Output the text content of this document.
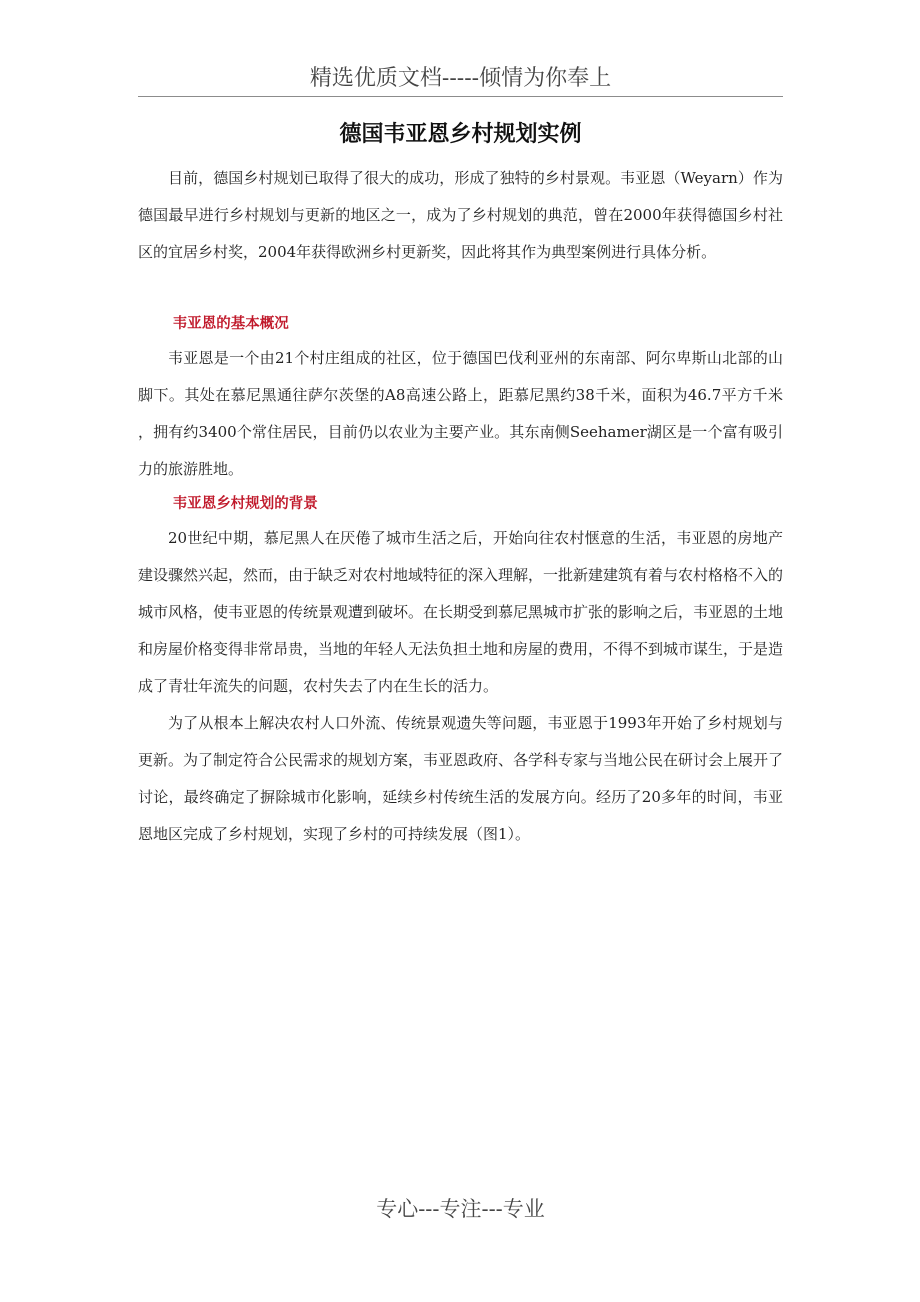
精选优质文档-----倾情为你奉上
德国韦亚恩乡村规划实例

目前，德国乡村规划已取得了很大的成功，形成了独特的乡村景观。韦亚恩（Weyarn）作为德国最早进行乡村规划与更新的地区之一，成为了乡村规划的典范，曾在2000年获得德国乡村社区的宜居乡村奖，2004年获得欧洲乡村更新奖，因此将其作为典型案例进行具体分析。

韦亚恩的基本概况

韦亚恩是一个由21个村庄组成的社区，位于德国巴伐利亚州的东南部、阿尔卑斯山北部的山脚下。其处在慕尼黑通往萨尔茨堡的A8高速公路上，距慕尼黑约38千米，面积为46.7平方千米 ，拥有约3400个常住居民，目前仍以农业为主要产业。其东南侧Seehamer湖区是一个富有吸引力的旅游胜地。

韦亚恩乡村规划的背景

20世纪中期，慕尼黑人在厌倦了城市生活之后，开始向往农村惬意的生活，韦亚恩的房地产建设骤然兴起，然而，由于缺乏对农村地域特征的深入理解，一批新建建筑有着与农村格格不入的城市风格，使韦亚恩的传统景观遭到破坏。在长期受到慕尼黑城市扩张的影响之后，韦亚恩的土地和房屋价格变得非常昂贵，当地的年轻人无法负担土地和房屋的费用，不得不到城市谋生，于是造成了青壮年流失的问题，农村失去了内在生长的活力。

为了从根本上解决农村人口外流、传统景观遗失等问题，韦亚恩于1993年开始了乡村规划与更新。为了制定符合公民需求的规划方案，韦亚恩政府、各学科专家与当地公民在研讨会上展开了讨论，最终确定了摒除城市化影响，延续乡村传统生活的发展方向。经历了20多年的时间，韦亚恩地区完成了乡村规划，实现了乡村的可持续发展（图1）。

专心---专注---专业
